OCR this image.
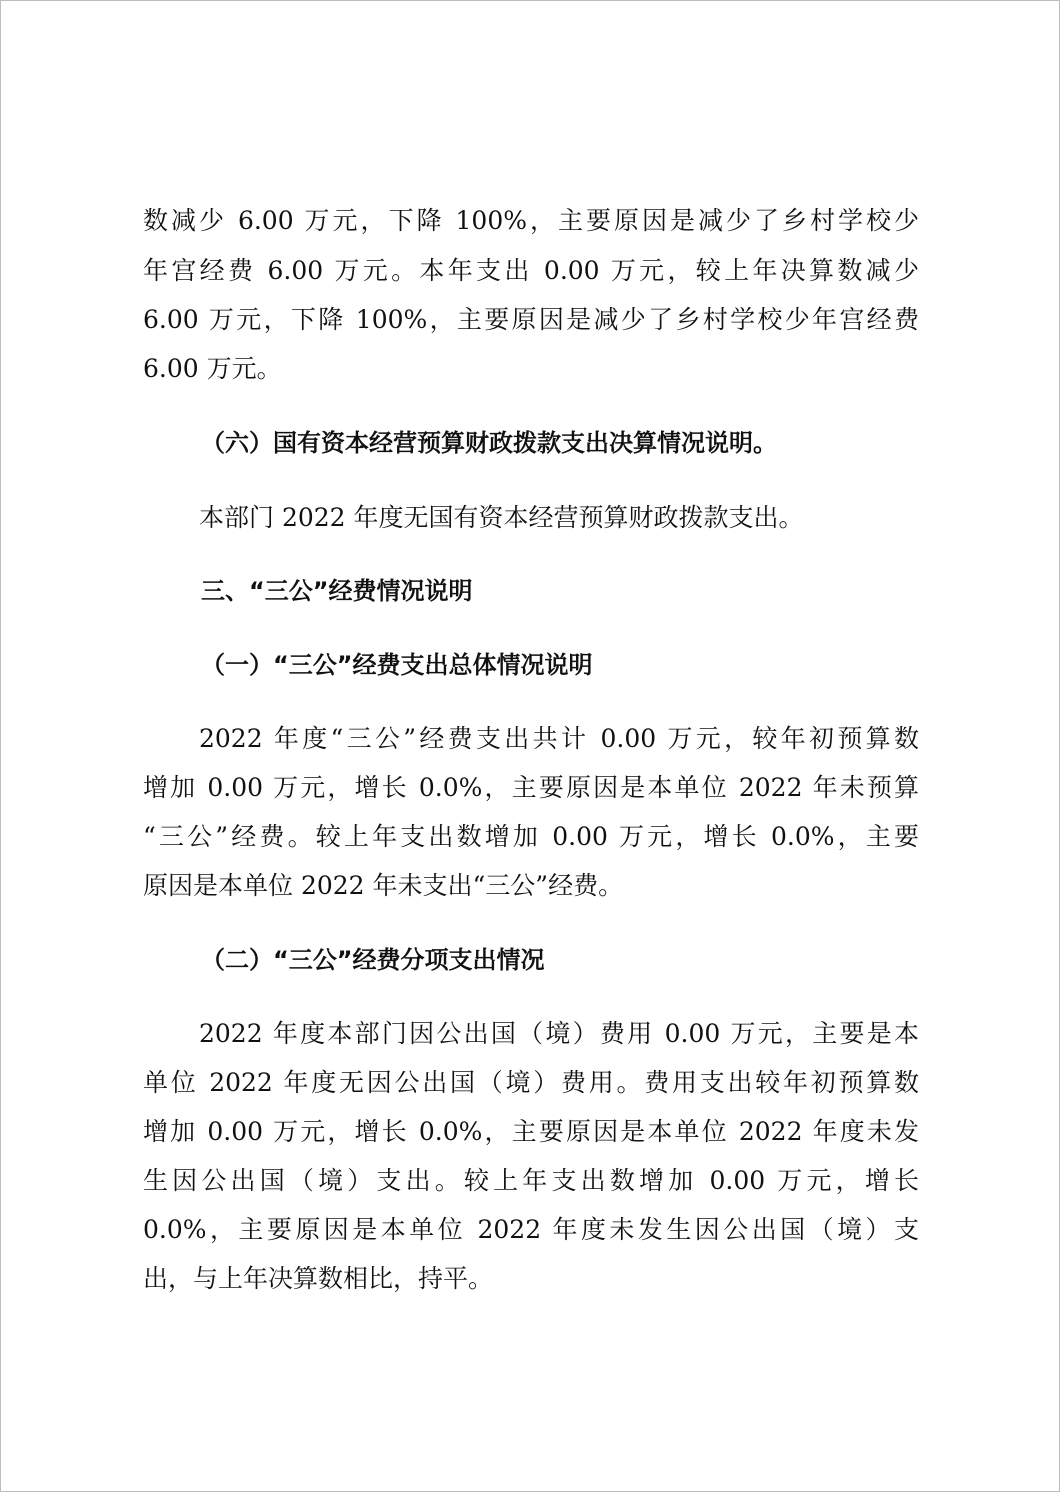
数减少 6.00 万元，下降 100%，主要原因是减少了乡村学校少
年宫经费 6.00 万元。本年支出 0.00 万元，较上年决算数减少
6.00 万元，下降 100%，主要原因是减少了乡村学校少年宫经费
6.00 万元。
（六）国有资本经营预算财政拨款支出决算情况说明。
本部门 2022 年度无国有资本经营预算财政拨款支出。
三、“三公”经费情况说明
（一）“三公”经费支出总体情况说明
2022 年度“三公”经费支出共计 0.00 万元，较年初预算数
增加 0.00 万元，增长 0.0%，主要原因是本单位 2022 年未预算
“三公”经费。较上年支出数增加 0.00 万元，增长 0.0%，主要
原因是本单位 2022 年未支出“三公”经费。
（二）“三公”经费分项支出情况
2022 年度本部门因公出国（境）费用 0.00 万元，主要是本
单位 2022 年度无因公出国（境）费用。费用支出较年初预算数
增加 0.00 万元，增长 0.0%，主要原因是本单位 2022 年度未发
生因公出国（境）支出。较上年支出数增加 0.00 万元，增长
0.0%，主要原因是本单位 2022 年度未发生因公出国（境）支
出，与上年决算数相比，持平。
